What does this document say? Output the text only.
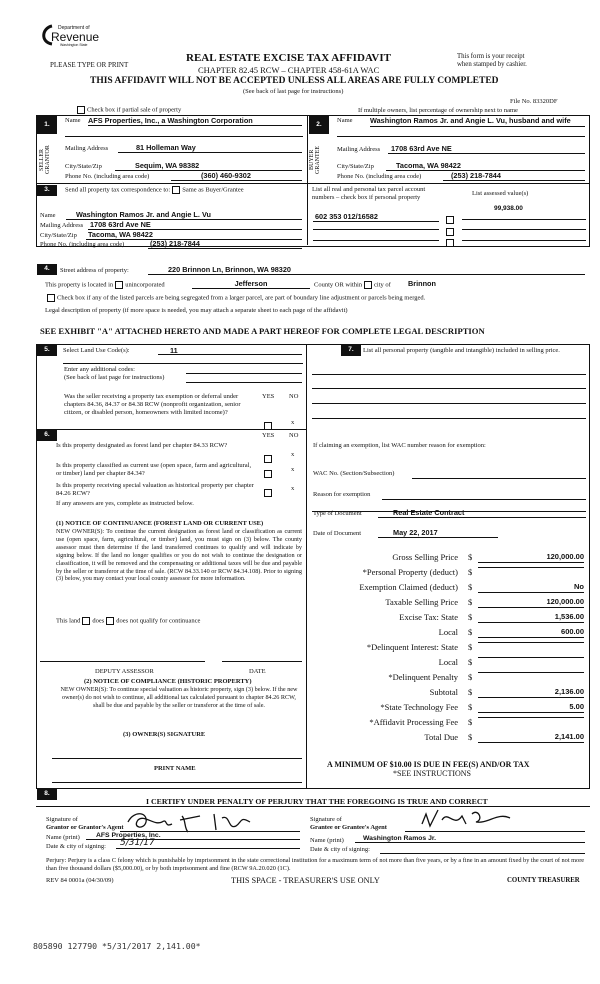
Department of
Revenue
Washington State
PLEASE TYPE OR PRINT
REAL ESTATE EXCISE TAX AFFIDAVIT
CHAPTER 82.45 RCW – CHAPTER 458-61A WAC
THIS AFFIDAVIT WILL NOT BE ACCEPTED UNLESS ALL AREAS ARE FULLY COMPLETED
(See back of last page for instructions)
This form is your receipt
when stamped by cashier.
File No. 83320DF
Check box if partial sale of property	If multiple owners, list percentage of ownership next to name
1.
SELLER GRANTOR
Name AFS Properties, Inc., a Washington Corporation
Mailing Address	81 Holleman Way
City/State/Zip	Sequim, WA 98382
Phone No. (including area code)	(360) 460-9302
2.
BUYER GRANTEE
Name Washington Ramos Jr. and Angie L. Vu, husband and wife
Mailing Address	1708 63rd Ave NE
City/State/Zip	Tacoma, WA 98422
Phone No. (including area code)	(253) 218-7844
3.	Send all property tax correspondence to: Same as Buyer/Grantee
Name	Washington Ramos Jr. and Angie L. Vu
Mailing Address 1708 63rd Ave NE
City/State/Zip Tacoma, WA 98422
Phone No. (including area code)	(253) 218-7844
List all real and personal tax parcel account
numbers – check box if personal property
List assessed value(s)
602 353 012/16582
99,938.00
4.	Street address of property:	220 Brinnon Ln, Brinnon, WA 98320
This property is located in unincorporated	Jefferson	County OR within city of Brinnon
Check box if any of the listed parcels are being segregated from a larger parcel, are part of boundary line adjustment or parcels being merged.
Legal description of property (if more space is needed, you may attach a separate sheet to each page of the affidavit)
SEE EXHIBIT "A" ATTACHED HERETO AND MADE A PART HEREOF FOR COMPLETE LEGAL DESCRIPTION
5.	Select Land Use Code(s):	11
Enter any additional codes:
(See back of last page for instructions)
Was the seller receiving a property tax exemption or deferral under chapters 84.36, 84.37 or 84.38 RCW (nonprofit organization, senior citizen, or disabled person, homeowners with limited income)?
YES NO
x
6.	YES NO
Is this property designated as forest land per chapter 84.33 RCW?
x
Is this property classified as current use (open space, farm and agricultural, or timber) land per chapter 84.34?
x
Is this property receiving special valuation as historical property per chapter 84.26 RCW?
x
If any answers are yes, complete as instructed below.
(1) NOTICE OF CONTINUANCE (FOREST LAND OR CURRENT USE)
NEW OWNER(S): To continue the current designation as forest land or classification as current use (open space, farm, agricultural, or timber) land, you must sign on (3) below. The county assessor must then determine if the land transferred continues to qualify and will indicate by signing below. If the land no longer qualifies or you do not wish to continue the designation or classification, it will be removed and the compensating or additional taxes will be due and payable by the seller or transferor at the time of sale. (RCW 84.33.140 or RCW 84.34.108). Prior to signing (3) below, you may contact your local county assessor for more information.
This land does does not qualify for continuance
DEPUTY ASSESSOR	DATE
(2) NOTICE OF COMPLIANCE (HISTORIC PROPERTY)
NEW OWNER(S): To continue special valuation as historic property, sign (3) below. If the new owner(s) do not wish to continue, all additional tax calculated pursuant to chapter 84.26 RCW, shall be due and payable by the seller or transferor at the time of sale.
(3) OWNER(S) SIGNATURE
PRINT NAME
7.	List all personal property (tangible and intangible) included in selling price.
If claiming an exemption, list WAC number reason for exemption:
WAC No. (Section/Subsection)
Reason for exemption
Type of Document	Real Estate Contract
Date of Document	May 22, 2017
Gross Selling Price $	120,000.00
*Personal Property (deduct) $
Exemption Claimed (deduct) $	No
Taxable Selling Price $	120,000.00
Excise Tax: State $	1,536.00
Local $	600.00
*Delinquent Interest: State $
Local $
*Delinquent Penalty $
Subtotal $	2,136.00
*State Technology Fee $	5.00
*Affidavit Processing Fee $
Total Due $	2,141.00
A MINIMUM OF $10.00 IS DUE IN FEE(S) AND/OR TAX
*SEE INSTRUCTIONS
8.
I CERTIFY UNDER PENALTY OF PERJURY THAT THE FOREGOING IS TRUE AND CORRECT
Signature of
Grantor or Grantor's Agent
Name (print)	AFS Properties, Inc.
Date & city of signing:	5/31/17
Signature of
Grantee or Grantee's Agent
Name (print)	Washington Ramos Jr.
Date & city of signing:
Perjury: Perjury is a class C felony which is punishable by imprisonment in the state correctional institution for a maximum term of not more than five years, or by a fine in an amount fixed by the court of not more than five thousand dollars ($5,000.00), or by both imprisonment and fine (RCW 9A.20.020 (1C).
REV 84 0001a (04/30/09)	THIS SPACE - TREASURER'S USE ONLY	COUNTY TREASURER
805890 127790 *5/31/2017 2,141.00*
